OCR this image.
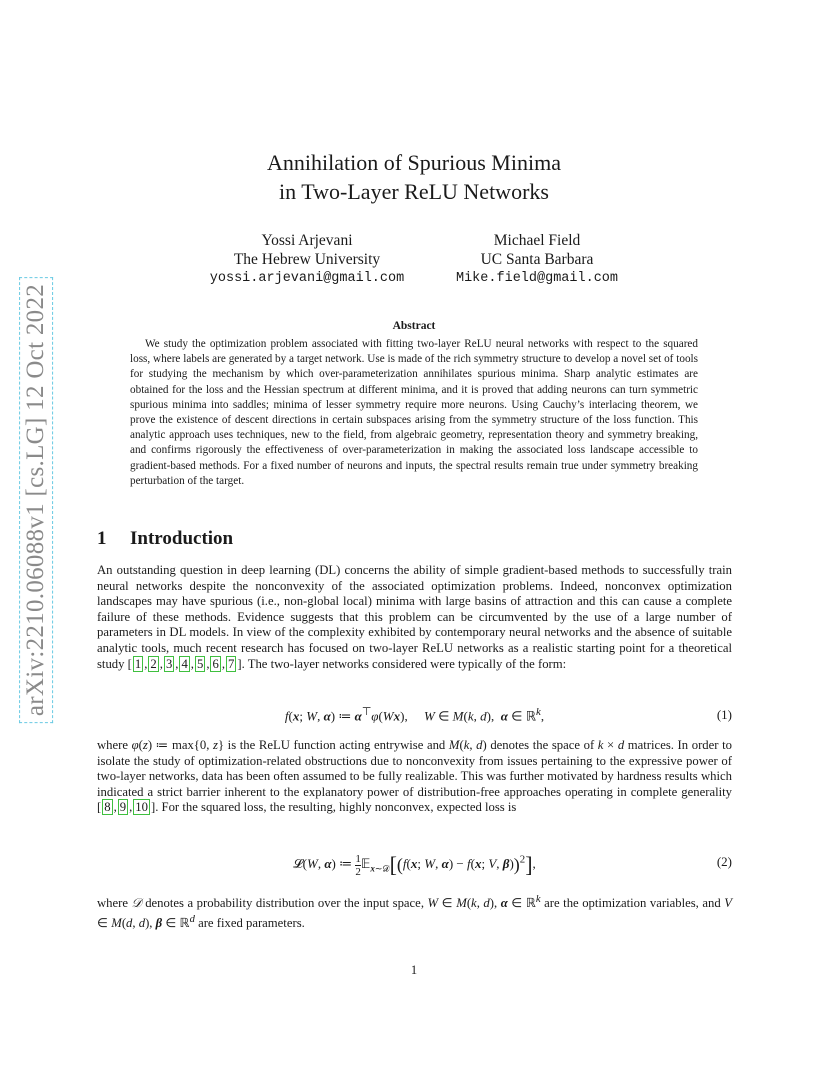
arXiv:2210.06088v1 [cs.LG] 12 Oct 2022
Annihilation of Spurious Minima
in Two-Layer ReLU Networks
Yossi Arjevani
The Hebrew University
yossi.arjevani@gmail.com
Michael Field
UC Santa Barbara
Mike.field@gmail.com
Abstract
We study the optimization problem associated with fitting two-layer ReLU neural networks with respect to the squared loss, where labels are generated by a target network. Use is made of the rich symmetry structure to develop a novel set of tools for studying the mechanism by which over-parameterization annihilates spurious minima. Sharp analytic estimates are obtained for the loss and the Hessian spectrum at different minima, and it is proved that adding neurons can turn symmetric spurious minima into saddles; minima of lesser symmetry require more neurons. Using Cauchy’s interlacing theorem, we prove the existence of descent directions in certain subspaces arising from the symmetry structure of the loss function. This analytic approach uses techniques, new to the field, from algebraic geometry, representation theory and symmetry breaking, and confirms rigorously the effectiveness of over-parameterization in making the associated loss landscape accessible to gradient-based methods. For a fixed number of neurons and inputs, the spectral results remain true under symmetry breaking perturbation of the target.
1 Introduction
An outstanding question in deep learning (DL) concerns the ability of simple gradient-based methods to successfully train neural networks despite the nonconvexity of the associated optimization problems. Indeed, nonconvex optimization landscapes may have spurious (i.e., non-global local) minima with large basins of attraction and this can cause a complete failure of these methods. Evidence suggests that this problem can be circumvented by the use of a large number of parameters in DL models. In view of the complexity exhibited by contemporary neural networks and the absence of suitable analytic tools, much recent research has focused on two-layer ReLU networks as a realistic starting point for a theoretical study [ 1 , 2 , 3 , 4 , 5 , 6 , 7 ]. The two-layer networks considered were typically of the form:
f(x; W, α) ≔ α⊤φ(Wx),     W ∈ M(k, d),  α ∈ ℝ$^k$,	(1)
where φ(z) ≔ max{0, z} is the ReLU function acting entrywise and M(k, d) denotes the space of k × d matrices. In order to isolate the study of optimization-related obstructions due to nonconvexity from issues pertaining to the expressive power of two-layer networks, data has been often assumed to be fully realizable. This was further motivated by hardness results which indicated a strict barrier inherent to the explanatory power of distribution-free approaches operating in complete generality [ 8 , 9 , 10 ]. For the squared loss, the resulting, highly nonconvex, expected loss is
𝓛(W, α) ≔ $\frac{1}{2}$ 𝔼$_{x\sim 𝒟}$[(f(x; W, α) − f(x; V, β))$^2$],	(2)
where 𝒟 denotes a probability distribution over the input space, W ∈ M(k, d), α ∈ ℝ$^k$ are the optimization variables, and V ∈ M(d, d), β ∈ ℝ$^d$ are fixed parameters.
1
